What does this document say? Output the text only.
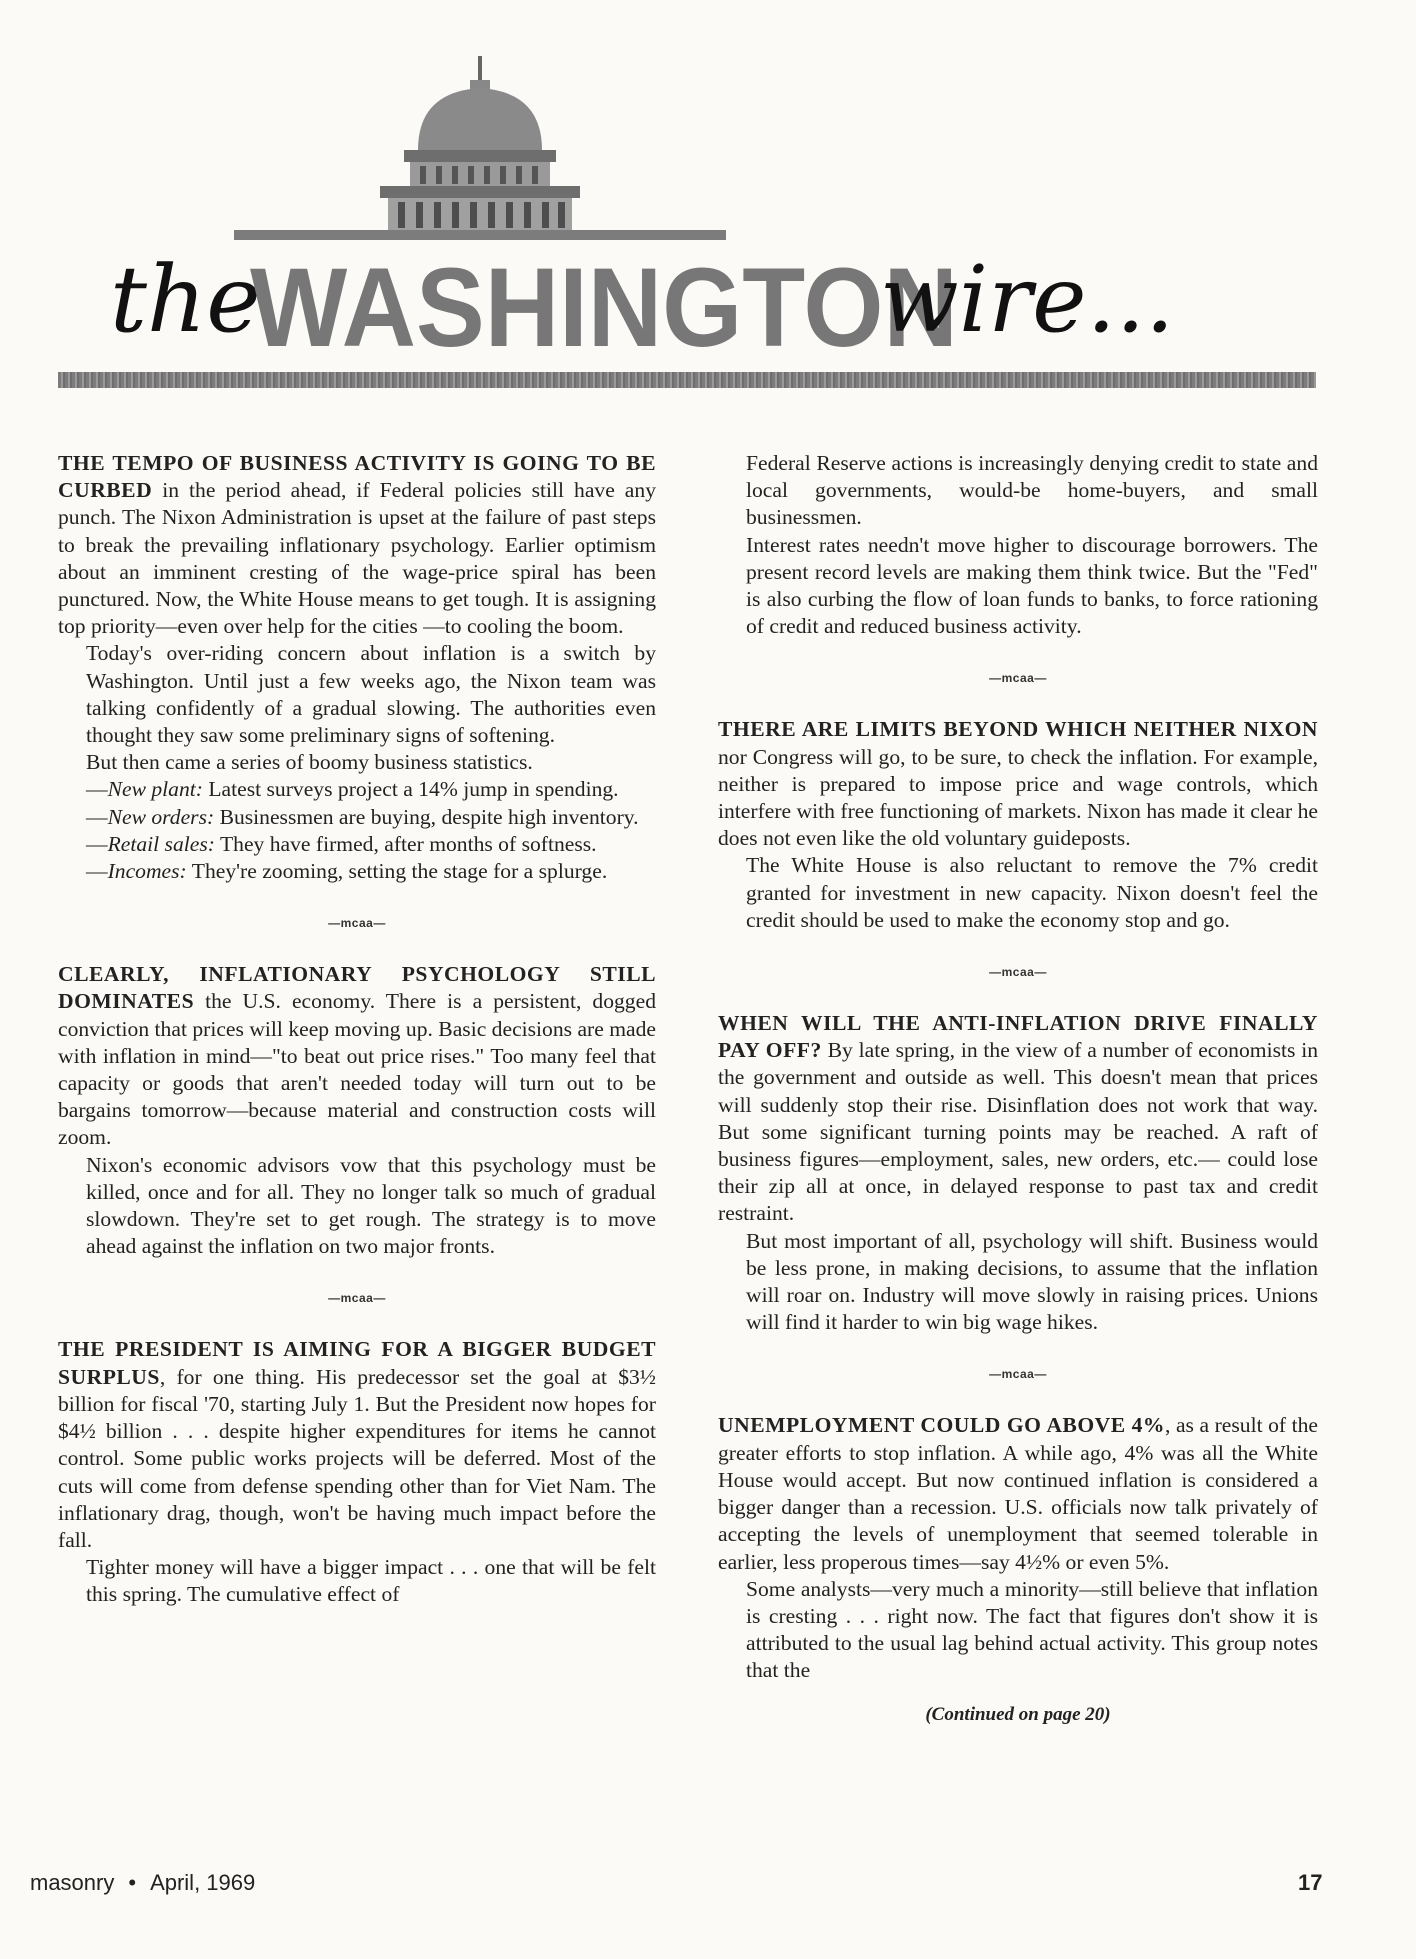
the
WASHINGTON
wire...

THE TEMPO OF BUSINESS ACTIVITY IS GOING TO BE CURBED in the period ahead, if Federal policies still have any punch. The Nixon Administration is upset at the failure of past steps to break the prevailing inflationary psychology. Earlier optimism about an imminent cresting of the wage-price spiral has been punctured. Now, the White House means to get tough. It is assigning top priority—even over help for the cities —to cooling the boom.

Today's over-riding concern about inflation is a switch by Washington. Until just a few weeks ago, the Nixon team was talking confidently of a gradual slowing. The authorities even thought they saw some preliminary signs of softening.

But then came a series of boomy business statistics.

—New plant: Latest surveys project a 14% jump in spending.

—New orders: Businessmen are buying, despite high inventory.

—Retail sales: They have firmed, after months of softness.

—Incomes: They're zooming, setting the stage for a splurge.

—mcaa—

CLEARLY, INFLATIONARY PSYCHOLOGY STILL DOMINATES the U.S. economy. There is a persistent, dogged conviction that prices will keep moving up. Basic decisions are made with inflation in mind—"to beat out price rises." Too many feel that capacity or goods that aren't needed today will turn out to be bargains tomorrow—because material and construction costs will zoom.

Nixon's economic advisors vow that this psychology must be killed, once and for all. They no longer talk so much of gradual slowdown. They're set to get rough. The strategy is to move ahead against the inflation on two major fronts.

—mcaa—

THE PRESIDENT IS AIMING FOR A BIGGER BUDGET SURPLUS, for one thing. His predecessor set the goal at $3½ billion for fiscal '70, starting July 1. But the President now hopes for $4½ billion . . . despite higher expenditures for items he cannot control. Some public works projects will be deferred. Most of the cuts will come from defense spending other than for Viet Nam. The inflationary drag, though, won't be having much impact before the fall.

Tighter money will have a bigger impact . . . one that will be felt this spring. The cumulative effect of

Federal Reserve actions is increasingly denying credit to state and local governments, would-be home-buyers, and small businessmen.

Interest rates needn't move higher to discourage borrowers. The present record levels are making them think twice. But the "Fed" is also curbing the flow of loan funds to banks, to force rationing of credit and reduced business activity.

—mcaa—

THERE ARE LIMITS BEYOND WHICH NEITHER NIXON nor Congress will go, to be sure, to check the inflation. For example, neither is prepared to impose price and wage controls, which interfere with free functioning of markets. Nixon has made it clear he does not even like the old voluntary guideposts.

The White House is also reluctant to remove the 7% credit granted for investment in new capacity. Nixon doesn't feel the credit should be used to make the economy stop and go.

—mcaa—

WHEN WILL THE ANTI-INFLATION DRIVE FINALLY PAY OFF? By late spring, in the view of a number of economists in the government and outside as well. This doesn't mean that prices will suddenly stop their rise. Disinflation does not work that way. But some significant turning points may be reached. A raft of business figures—employment, sales, new orders, etc.— could lose their zip all at once, in delayed response to past tax and credit restraint.

But most important of all, psychology will shift. Business would be less prone, in making decisions, to assume that the inflation will roar on. Industry will move slowly in raising prices. Unions will find it harder to win big wage hikes.

—mcaa—

UNEMPLOYMENT COULD GO ABOVE 4%, as a result of the greater efforts to stop inflation. A while ago, 4% was all the White House would accept. But now continued inflation is considered a bigger danger than a recession. U.S. officials now talk privately of accepting the levels of unemployment that seemed tolerable in earlier, less properous times—say 4½% or even 5%.

Some analysts—very much a minority—still believe that inflation is cresting . . . right now. The fact that figures don't show it is attributed to the usual lag behind actual activity. This group notes that the

(Continued on page 20)
masonry • April, 1969	17
